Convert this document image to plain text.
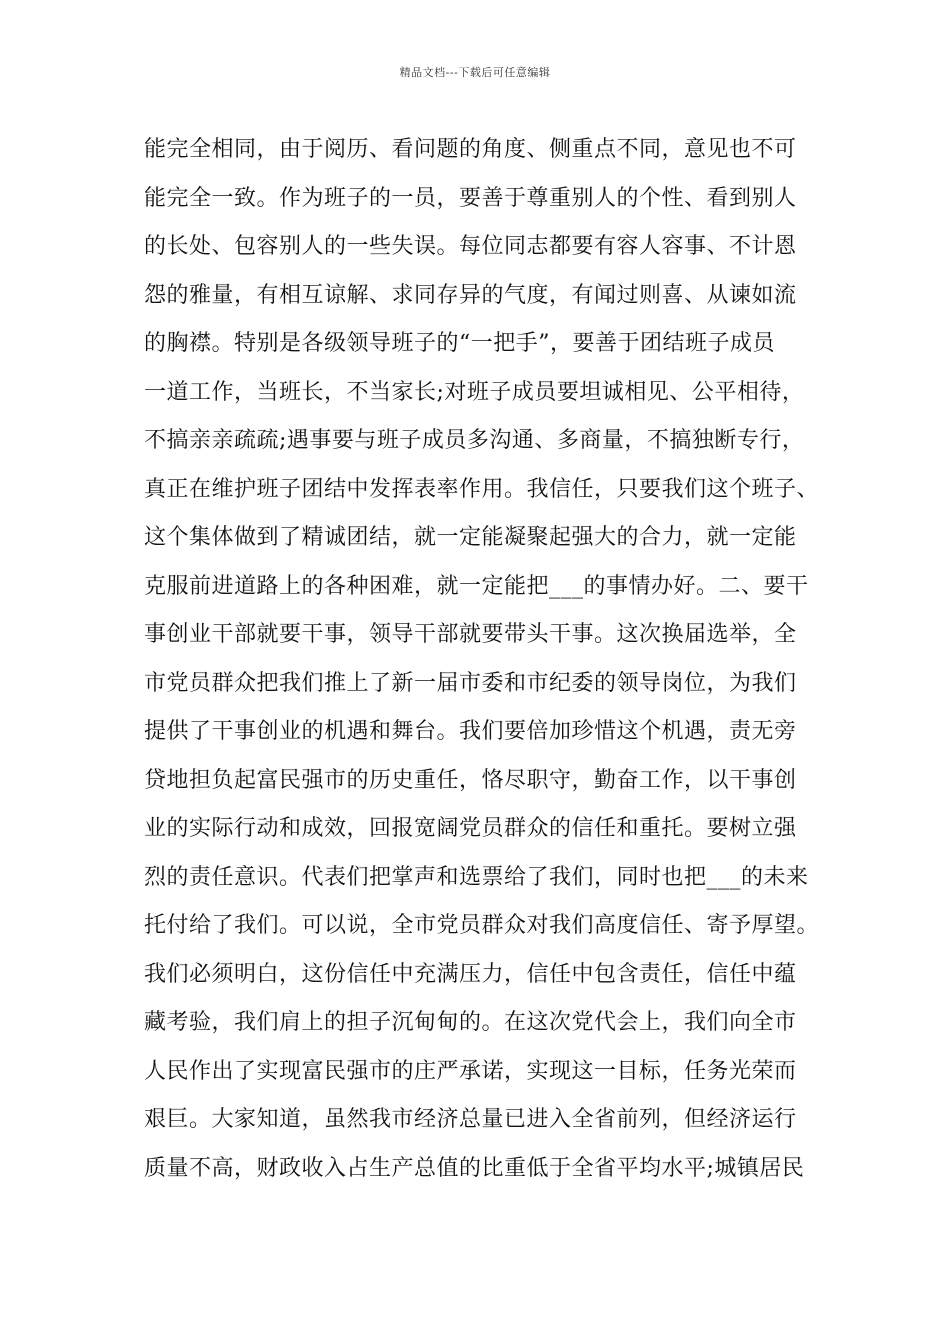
精品文档---下载后可任意编辑
能完全相同，由于阅历、看问题的角度、侧重点不同，意见也不可
能完全一致。作为班子的一员，要善于尊重别人的个性、看到别人
的长处、包容别人的一些失误。每位同志都要有容人容事、不计恩
怨的雅量，有相互谅解、求同存异的气度，有闻过则喜、从谏如流
的胸襟。特别是各级领导班子的“一把手”，要善于团结班子成员
一道工作，当班长，不当家长;对班子成员要坦诚相见、公平相待，
不搞亲亲疏疏;遇事要与班子成员多沟通、多商量，不搞独断专行，
真正在维护班子团结中发挥表率作用。我信任，只要我们这个班子、
这个集体做到了精诚团结，就一定能凝聚起强大的合力，就一定能
克服前进道路上的各种困难，就一定能把___的事情办好。二、要干
事创业干部就要干事，领导干部就要带头干事。这次换届选举，全
市党员群众把我们推上了新一届市委和市纪委的领导岗位，为我们
提供了干事创业的机遇和舞台。我们要倍加珍惜这个机遇，责无旁
贷地担负起富民强市的历史重任，恪尽职守，勤奋工作，以干事创
业的实际行动和成效，回报宽阔党员群众的信任和重托。要树立强
烈的责任意识。代表们把掌声和选票给了我们，同时也把___的未来
托付给了我们。可以说，全市党员群众对我们高度信任、寄予厚望。
我们必须明白，这份信任中充满压力，信任中包含责任，信任中蕴
藏考验，我们肩上的担子沉甸甸的。在这次党代会上，我们向全市
人民作出了实现富民强市的庄严承诺，实现这一目标，任务光荣而
艰巨。大家知道，虽然我市经济总量已进入全省前列，但经济运行
质量不高，财政收入占生产总值的比重低于全省平均水平;城镇居民
